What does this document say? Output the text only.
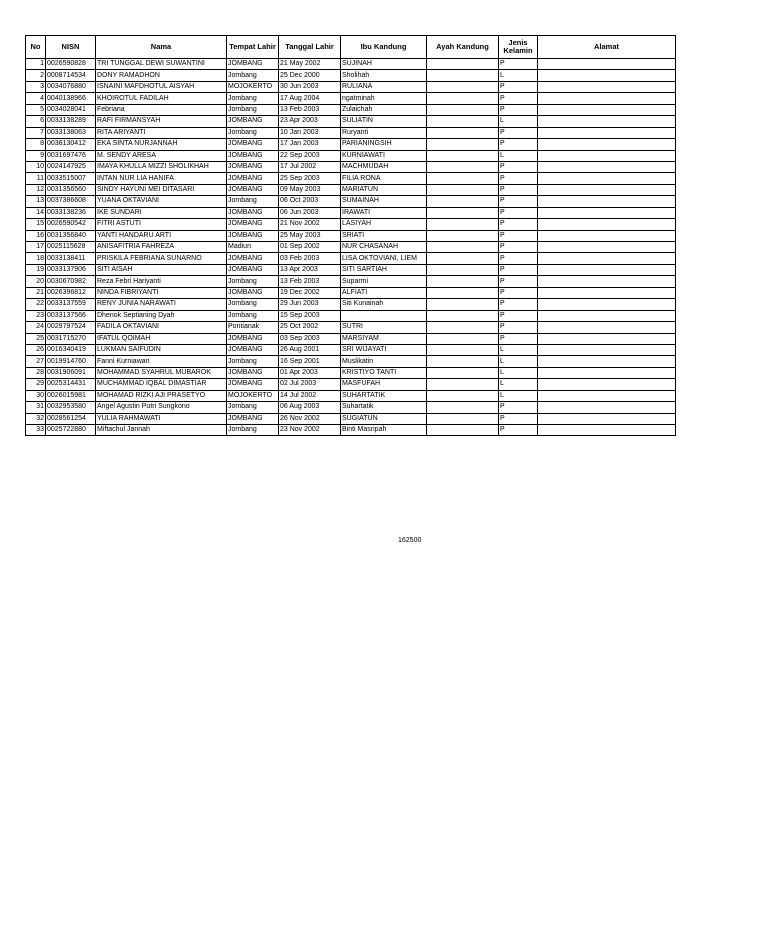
No	NISN	Nama	Tempat Lahir	Tanggal Lahir	Ibu Kandung	Ayah Kandung	Jenis Kelamin	Alamat
1	0026590828	TRI TUNGGAL DEWI SUWANTINI	JOMBANG	21 May 2002	SUJINAH		P	
2	0008714534	DONY RAMADHON	Jombang	25 Dec 2000	Sholihah		L	
3	0034076880	ISNAINI MAFDHOTUL AISYAH	MOJOKERTO	30 Jun 2003	RULIANA		P	
4	0040138966	KHOIROTUL FADILAH	Jombang	17 Aug 2004	ngatminah		P	
5	0034028041	Febriana	Jombang	13 Feb 2003	Zulaichah		P	
6	0033138289	RAFI FIRMANSYAH	JOMBANG	23 Apr 2003	SULIATIN		L	
7	0033138063	RITA ARIYANTI	Jombang	10 Jan 2003	Ruryanti		P	
8	0036130412	EKA SINTA NURJANNAH	JOMBANG	17 Jan 2003	PARIANINGSIH		P	
9	0031697476	M. SENDY ARESA	JOMBANG	22 Sep 2003	KURNIAWATI		L	
10	0024147925	IMAYA KHULLA MIZZI SHOLIKHAH	JOMBANG	17 Jul 2002	MACHMUDAH		P	
11	0033515007	INTAN NUR LIA HANIFA	JOMBANG	25 Sep 2003	FILIA RONA		P	
12	0031356560	SINDY HAYUNI MEI DITASARI	JOMBANG	09 May 2003	MARIATUN		P	
13	0037386608	YUANA OKTAVIANI	Jombang	06 Oct 2003	SUMAINAH		P	
14	0033138236	IKE SUNDARI	JOMBANG	06 Jun 2003	IRAWATI		P	
15	0026590542	FITRI ASTUTI	JOMBANG	21 Nov 2002	LASIYAH		P	
16	0031356840	YANTI HANDARU ARTI	JOMBANG	25 May 2003	SRIATI		P	
17	0025115628	ANISAFITRIA FAHREZA	Madiun	01 Sep 2002	NUR CHASANAH		P	
18	0033138411	PRISKILA FEBRIANA SUNARNO	JOMBANG	03 Feb 2003	LISA OKTOVIANI, LIEM		P	
19	0033137906	SITI AISAH	JOMBANG	13 Apr 2003	SITI SARTIAH		P	
20	0030670982	Reza Febri Hariyanti	Jombang	13 Feb 2003	Suparmi		P	
21	0026396812	NINDA FIBRIYANTI	JOMBANG	19 Dec 2002	ALFIATI		P	
22	0033137559	RENY JUNIA NARAWATI	Jombang	29 Jun 2003	Siti Kunainah		P	
23	0033137566	Dhenok Septianing Dyah	Jombang	15 Sep 2003			P	
24	0029797524	FADILA OKTAVIANI	Pontianak	25 Oct 2002	SUTRI		P	
25	0031715270	IFATUL QOIMAH	JOMBANG	03 Sep 2003	MARSIYAM		P	
26	0016340419	LUKMAN SAIFUDIN	JOMBANG	26 Aug 2001	SRI WIJAYATI		L	
27	0019914760	Fanni Kurniawan	Jombang	16 Sep 2001	Muslikatin		L	
28	0031906091	MOHAMMAD SYAHRUL MUBAROK	JOMBANG	01 Apr 2003	KRISTIYO TANTI		L	
29	0025314431	MUCHAMMAD IQBAL DIMASTIAR	JOMBANG	02 Jul 2003	MASFUFAH		L	
30	0026015981	MOHAMAD RIZKI AJI PRASETYO	MOJOKERTO	14 Jul 2002	SUHARTATIK		L	
31	0032953580	Angel Agustin Putri Sungkono	Jombang	06 Aug 2003	Suhartatik		P	
32	0028561254	YULIA RAHMAWATI	JOMBANG	26 Nov 2002	SUGIATUN		P	
33	0025722880	Miftachul Jannah	Jombang	23 Nov 2002	Binti Masripah		P	
162500
